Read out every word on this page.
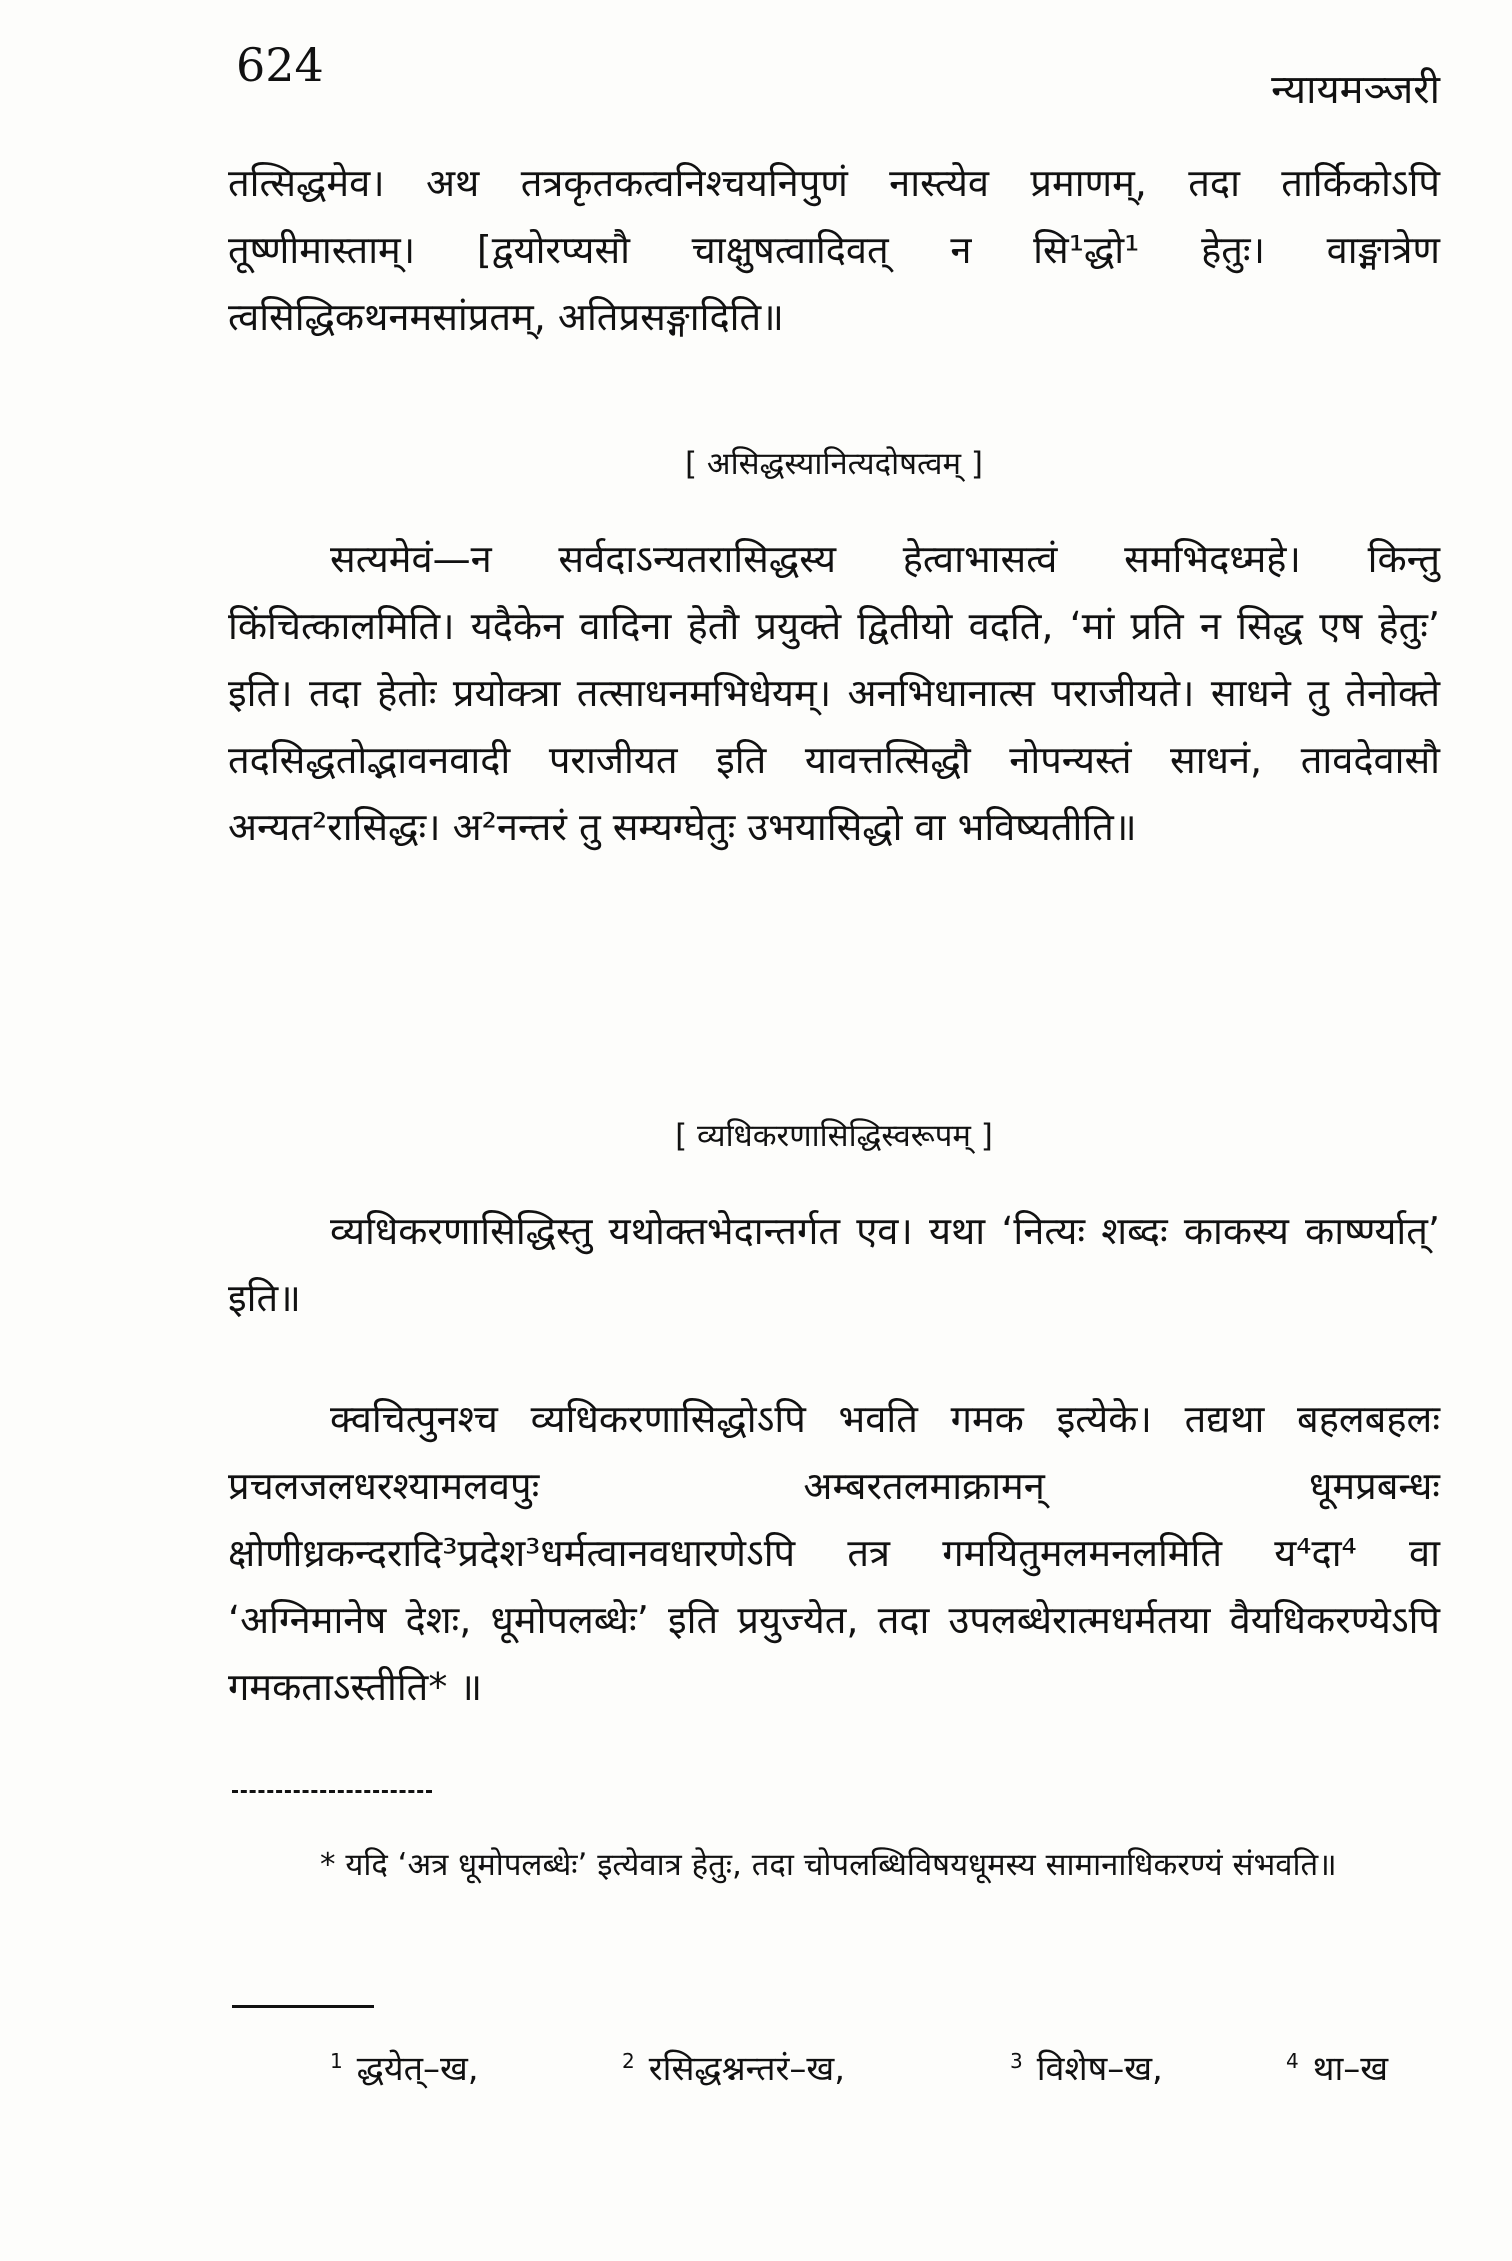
624	न्यायमञ्जरी

तत्सिद्धमेव। अथ तत्रकृतकत्वनिश्चयनिपुणं नास्त्येव प्रमाणम्, तदा तार्किकोऽपि तूष्णीमास्ताम्। [द्वयोरप्यसौ चाक्षुषत्वादिवत् न सि¹द्धो¹ हेतुः। वाङ्मात्रेण त्वसिद्धिकथनमसांप्रतम्, अतिप्रसङ्गादिति॥

[ असिद्धस्यानित्यदोषत्वम् ]

सत्यमेवं—न सर्वदाऽन्यतरासिद्धस्य हेत्वाभासत्वं समभिदध्महे। किन्तु किंचित्कालमिति। यदैकेन वादिना हेतौ प्रयुक्ते द्वितीयो वदति, ‘मां प्रति न सिद्ध एष हेतुः’ इति। तदा हेतोः प्रयोक्त्रा तत्साधनमभिधेयम्। अनभिधानात्स पराजीयते। साधने तु तेनोक्ते तदसिद्धतोद्भावनवादी पराजीयत इति यावत्तत्सिद्धौ नोपन्यस्तं साधनं, तावदेवासौ अन्यत²रासिद्धः। अ²नन्तरं तु सम्यग्घेतुः उभयासिद्धो वा भविष्यतीति॥

[ व्यधिकरणासिद्धिस्वरूपम् ]

व्यधिकरणासिद्धिस्तु यथोक्तभेदान्तर्गत एव। यथा ‘नित्यः शब्दः काकस्य कार्ष्ण्यात्’ इति॥

क्वचित्पुनश्च व्यधिकरणासिद्धोऽपि भवति गमक इत्येके। तद्यथा बहलबहलः प्रचलजलधरश्यामलवपुः अम्बरतलमाक्रामन् धूमप्रबन्धः क्षोणीध्रकन्दरादि³प्रदेश³धर्मत्वानवधारणेऽपि तत्र गमयितुमलमनलमिति य⁴दा⁴ वा ‘अग्निमानेष देशः, धूमोपलब्धेः’ इति प्रयुज्येत, तदा उपलब्धेरात्मधर्मतया वैयधिकरण्येऽपि गमकताऽस्तीति* ॥

* यदि ‘अत्र धूमोपलब्धेः’ इत्येवात्र हेतुः, तदा चोपलब्धिविषयधूमस्य सामानाधिकरण्यं संभवति॥

$^1$ द्धयेत्–ख,	$^2$ रसिद्धश्नन्तरं–ख,	$^3$ विशेष–ख,	$^4$ था–ख
